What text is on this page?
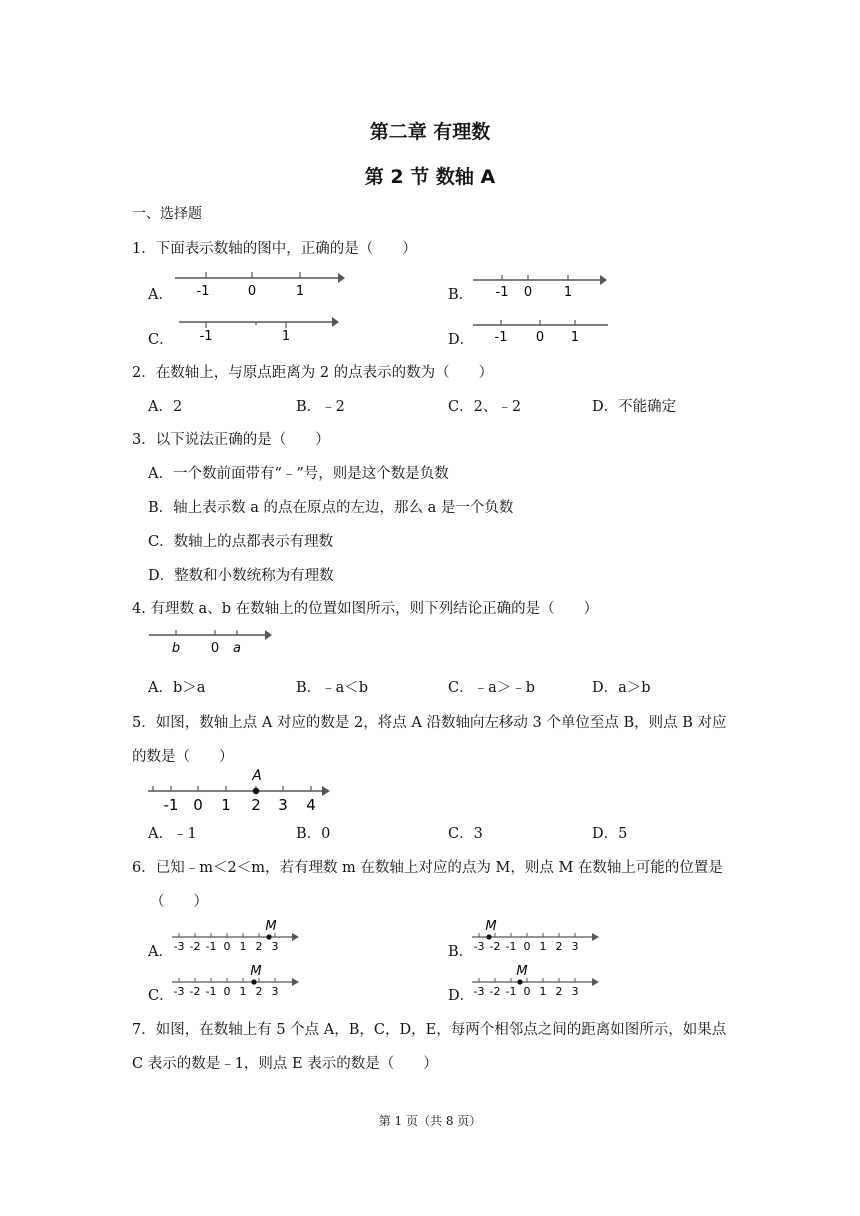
第二章 有理数
第 2 节 数轴 A
一、选择题
1．下面表示数轴的图中，正确的是（　　）
A． -1	0	1	B． -1 0 1
C． -1	1	D． -1 0 1
2．在数轴上，与原点距离为 2 的点表示的数为（　　）
A．2	B．﹣2	C．2、﹣2	D．不能确定
3．以下说法正确的是（　　）
A．一个数前面带有“﹣”号，则是这个数是负数
B．轴上表示数 a 的点在原点的左边，那么 a 是一个负数
C．数轴上的点都表示有理数
D．整数和小数统称为有理数
4. 有理数 a、b 在数轴上的位置如图所示，则下列结论正确的是（　　）
b 0 a
A．b＞a	B．﹣a＜b	C．﹣a＞﹣b	D．a＞b
5．如图，数轴上点 A 对应的数是 2，将点 A 沿数轴向左移动 3 个单位至点 B，则点 B 对应
的数是（　　）
A
-1 0 1 2 3 4
A．﹣1	B．0	C．3	D．5
6．已知﹣m＜2＜m，若有理数 m 在数轴上对应的点为 M，则点 M 在数轴上可能的位置是
（　　）
A．
M
-3 -2 -1 0 1 2 3	B．
M
-3 -2 -1 0 1 2 3
C．
M
-3 -2 -1 0 1 2 3	D．
M
-3 -2 -1 0 1 2 3
7．如图，在数轴上有 5 个点 A，B，C，D，E，每两个相邻点之间的距离如图所示，如果点
C 表示的数是﹣1，则点 E 表示的数是（　　）
第 1 页（共 8 页）
